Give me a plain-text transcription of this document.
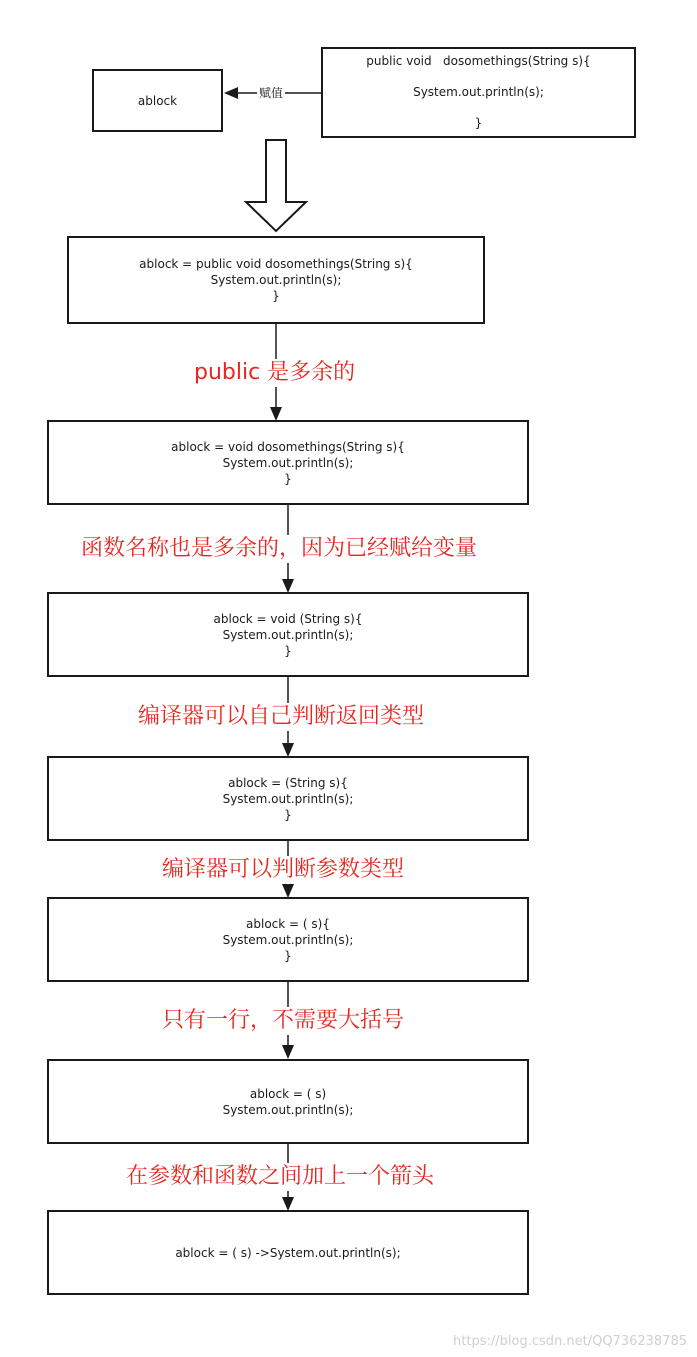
ablock
赋值
public void   dosomethings(String s){
System.out.println(s);
}
ablock = public void dosomethings(String s){
System.out.println(s);
}
public 是多余的
ablock = void dosomethings(String s){
System.out.println(s);
}
函数名称也是多余的，因为已经赋给变量
ablock = void (String s){
System.out.println(s);
}
编译器可以自己判断返回类型
ablock = (String s){
System.out.println(s);
}
编译器可以判断参数类型
ablock = ( s){
System.out.println(s);
}
只有一行，不需要大括号
ablock = ( s)
System.out.println(s);
在参数和函数之间加上一个箭头
ablock = ( s) ->System.out.println(s);
https://blog.csdn.net/QQ736238785
